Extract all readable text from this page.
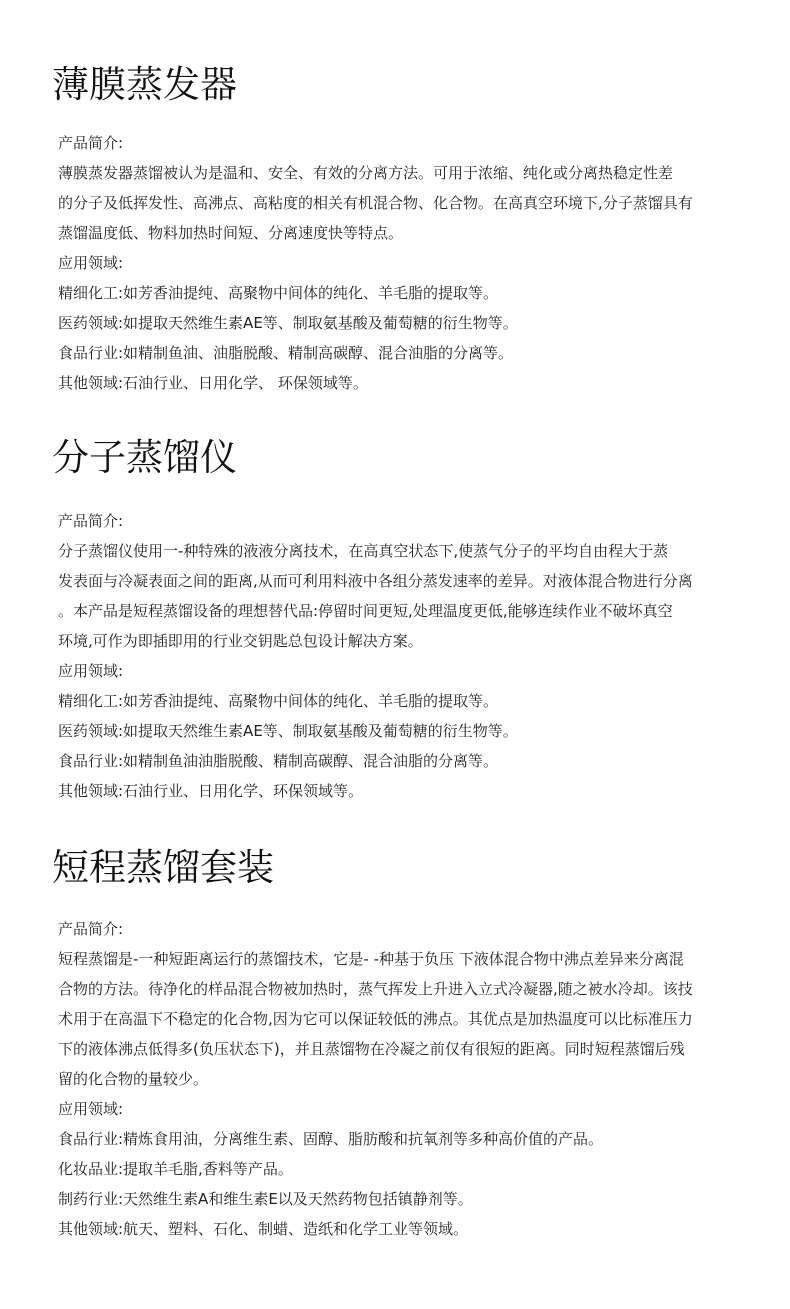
薄膜蒸发器
产品简介:
薄膜蒸发器蒸馏被认为是温和、安全、有效的分离方法。可用于浓缩、纯化或分离热稳定性差
的分子及低挥发性、高沸点、高粘度的相关有机混合物、化合物。在高真空环境下,分子蒸馏具有
蒸馏温度低、物料加热时间短、分离速度快等特点。
应用领域:
精细化工:如芳香油提纯、高聚物中间体的纯化、羊毛脂的提取等。
医药领域:如提取天然维生素AE等、制取氨基酸及葡萄糖的衍生物等。
食品行业:如精制鱼油、油脂脱酸、精制高碳醇、混合油脂的分离等。
其他领域:石油行业、日用化学、 环保领域等。
分子蒸馏仪
产品简介:
分子蒸馏仪使用一-种特殊的液液分离技术，在高真空状态下,使蒸气分子的平均自由程大于蒸
发表面与冷凝表面之间的距离,从而可利用料液中各组分蒸发速率的差异。对液体混合物进行分离
。本产品是短程蒸馏设备的理想替代品:停留时间更短,处理温度更低,能够连续作业不破坏真空
环境,可作为即插即用的行业交钥匙总包设计解决方案。
应用领域:
精细化工:如芳香油提纯、高聚物中间体的纯化、羊毛脂的提取等。
医药领域:如提取天然维生素AE等、制取氨基酸及葡萄糖的衍生物等。
食品行业:如精制鱼油油脂脱酸、精制高碳醇、混合油脂的分离等。
其他领域:石油行业、日用化学、环保领域等。
短程蒸馏套装
产品简介:
短程蒸馏是-一种短距离运行的蒸馏技术，它是- -种基于负压 下液体混合物中沸点差异来分离混
合物的方法。待净化的样品混合物被加热时，蒸气挥发上升进入立式冷凝器,随之被水冷却。该技
术用于在高温下不稳定的化合物,因为它可以保证较低的沸点。其优点是加热温度可以比标准压力
下的液体沸点低得多(负压状态下)，并且蒸馏物在冷凝之前仅有很短的距离。同时短程蒸馏后残
留的化合物的量较少。
应用领域:
食品行业:精炼食用油，分离维生素、固醇、脂肪酸和抗氧剂等多种高价值的产品。
化妆品业:提取羊毛脂,香料等产品。
制药行业:天然维生素A和维生素E以及天然药物包括镇静剂等。
其他领域:航天、塑料、石化、制蜡、造纸和化学工业等领域。
